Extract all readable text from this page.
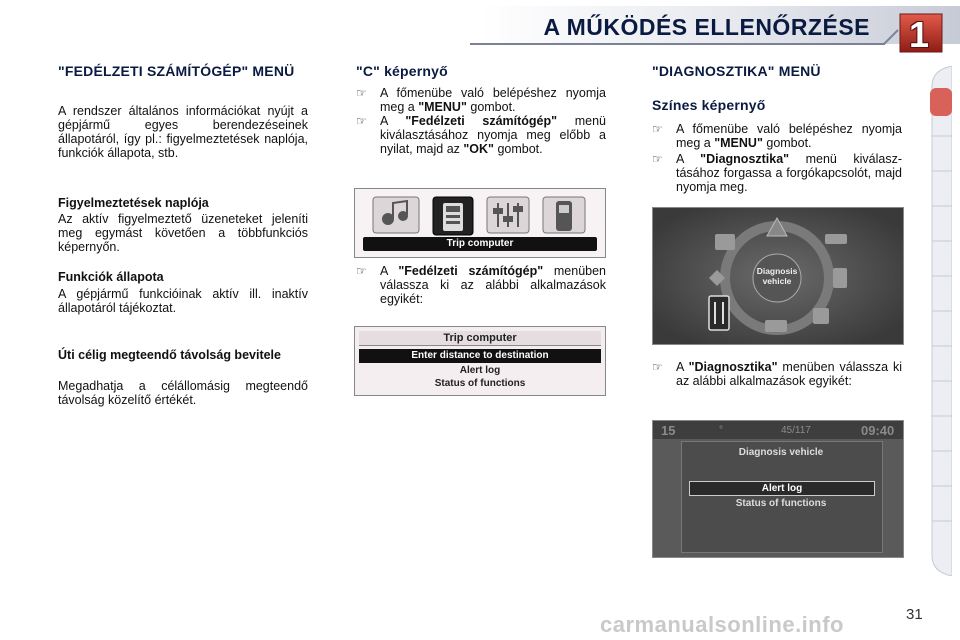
A MŰKÖDÉS ELLENŐRZÉSE	1
"FEDÉLZETI SZÁMÍTÓGÉP" MENÜ

A rendszer általános információkat nyújt a gépjármű egyes berendezéseinek állapotáról, így pl.: figyelmeztetések naplója, funkciók állapota, stb.

Figyelmeztetések naplója

Az aktív figyelmeztető üzeneteket jeleníti meg egymást követően a többfunkciós képernyőn.

Funkciók állapota

A gépjármű funkcióinak aktív ill. inaktív állapotáról tájékoztat.

Úti célig megteendő távolság bevitele

Megadhatja a célállomásig megteendő távolság közelítő értékét.

"C" képernyő
☞ A főmenübe való belépéshez nyomja meg a "MENU" gombot.
☞ A "Fedélzeti számítógép" menü kiválasztásához nyomja meg előbb a nyilat, majd az "OK" gombot.
Trip computer
☞ A "Fedélzeti számítógép" menüben válassza ki az alábbi alkalmazások egyikét:
Trip computer
Enter distance to destination
Alert log
Status of functions
"DIAGNOSZTIKA" MENÜ
Színes képernyő
☞ A főmenübe való belépéshez nyomja meg a "MENU" gombot.
☞ A "Diagnosztika" menü kiválasztásához forgassa a forgókapcsolót, majd nyomja meg.
Diagnosis vehicle
☞ A "Diagnosztika" menüben válassza ki az alábbi alkalmazások egyikét:
15	°	45/117	09:40
Diagnosis vehicle
Alert log
Status of functions
carmanualsonline.info	31
